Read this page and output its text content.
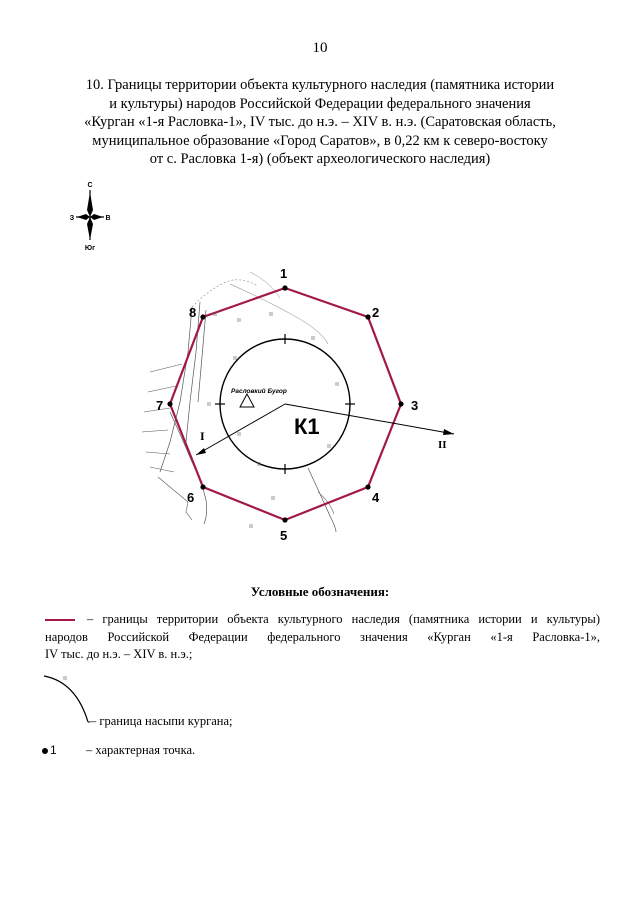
10
10. Границы территории объекта культурного наследия (памятника истории
и культуры) народов Российской Федерации федерального значения
«Курган «1-я Расловка-1», IV тыс. до н.э. – XIV в. н.э. (Саратовская область,
муниципальное образование «Город Саратов», в 0,22 км к северо-востоку
от с. Расловка 1-я) (объект археологического наследия)
С
З	В
Юг
1
2
3
4
5
6
7
8
I
II
Расловкий Бугор
К1
Условные обозначения:
– границы территории объекта культурного наследия (памятника истории и культуры)
народов Российской Федерации федерального значения «Курган «1-я Расловка-1»,
IV тыс. до н.э. – XIV в. н.э.;
– граница насыпи кургана;
1 – характерная точка.
